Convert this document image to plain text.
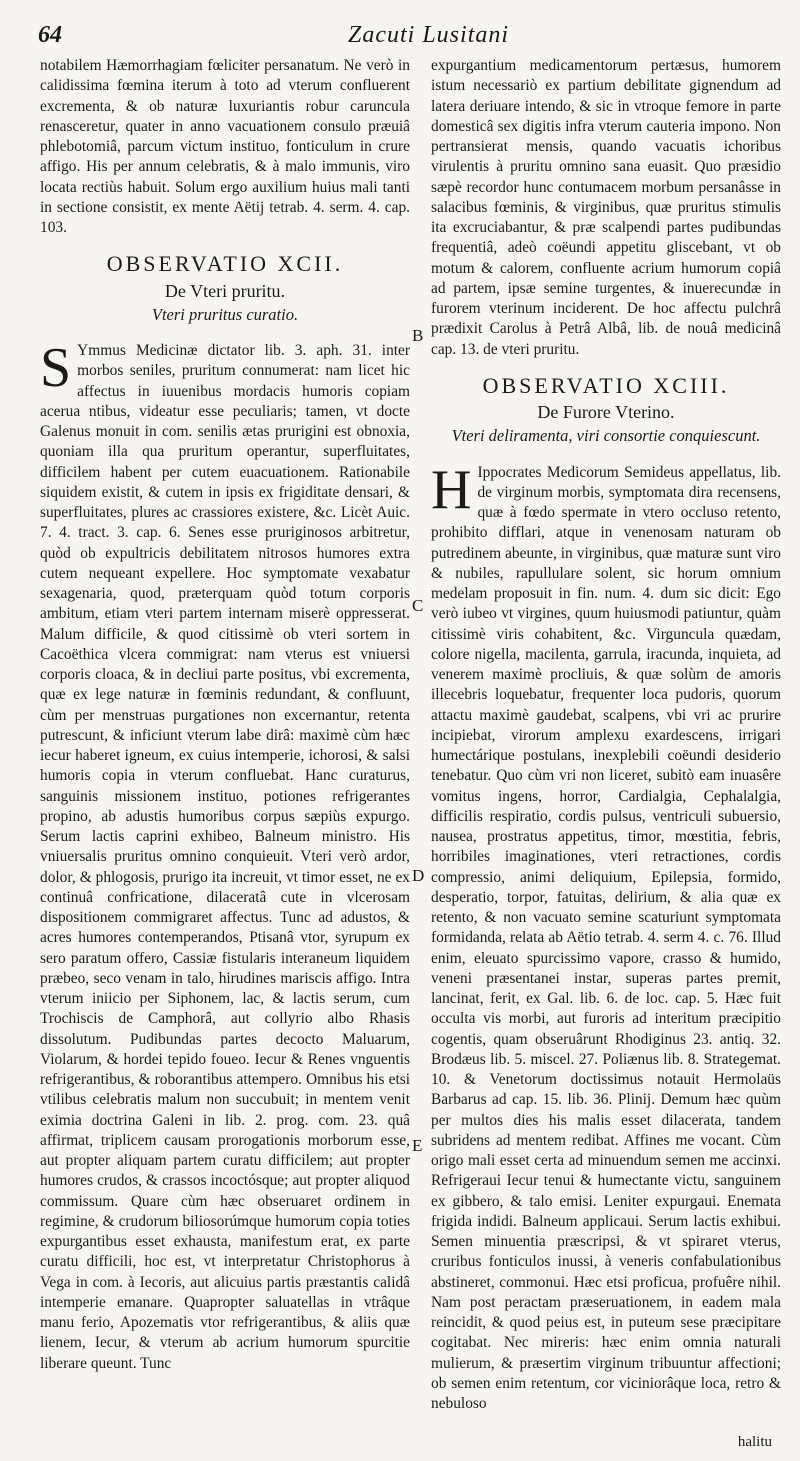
64	Zacuti Lusitani

notabilem Hæmorrhagiam fœliciter persanatum. Ne verò in calidissima fœmina iterum à toto ad vterum confluerent excrementa, & ob naturæ luxuriantis robur caruncula renasceretur, quater in anno vacuationem consulo præuiâ phlebotomiâ, parcum victum instituo, fonticulum in crure affigo. His per annum celebratis, & à malo immunis, viro locata rectiùs habuit. Solum ergo auxilium huius mali tanti in sectione consistit, ex mente Aëtij tetrab. 4. serm. 4. cap. 103.

OBSERVATIO XCII.
De Vteri pruritu.
Vteri pruritus curatio.

S Ymmus Medicinæ dictator lib. 3. aph. 31. inter morbos seniles, pruritum connumerat: nam licet hic affectus in iuuenibus mordacis humoris copiam acerua ntibus, videatur esse peculiaris; tamen, vt docte Galenus monuit in com. senilis ætas prurigini est obnoxia, quoniam illa qua pruritum operantur, superfluitates, difficilem habent per cutem euacuationem. Rationabile siquidem existit, & cutem in ipsis ex frigiditate densari, & superfluitates, plures ac crassiores existere, &c. Licèt Auic. 7. 4. tract. 3. cap. 6. Senes esse pruriginosos arbitretur, quòd ob expultricis debilitatem nitrosos humores extra cutem nequeant expellere. Hoc symptomate vexabatur sexagenaria, quod, præterquam quòd totum corporis ambitum, etiam vteri partem internam miserè oppresserat. Malum difficile, & quod citissimè ob vteri sortem in Cacoëthica vlcera commigrat: nam vterus est vniuersi corporis cloaca, & in decliui parte positus, vbi excrementa, quæ ex lege naturæ in fœminis redundant, & confluunt, cùm per menstruas purgationes non excernantur, retenta putrescunt, & inficiunt vterum labe dirâ: maximè cùm hæc iecur haberet igneum, ex cuius intemperie, ichorosi, & salsi humoris copia in vterum confluebat. Hanc curaturus, sanguinis missionem instituo, potiones refrigerantes propino, ab adustis humoribus corpus sæpiùs expurgo. Serum lactis caprini exhibeo, Balneum ministro. His vniuersalis pruritus omnino conquieuit. Vteri verò ardor, dolor, & phlogosis, prurigo ita increuit, vt timor esset, ne ex continuâ confricatione, dilaceratâ cute in vlcerosam dispositionem commigraret affectus. Tunc ad adustos, & acres humores contemperandos, Ptisanâ vtor, syrupum ex sero paratum offero, Cassiæ fistularis interaneum liquidem præbeo, seco venam in talo, hirudines mariscis affigo. Intra vterum iniicio per Siphonem, lac, & lactis serum, cum Trochiscis de Camphorâ, aut collyrio albo Rhasis dissolutum. Pudibundas partes decocto Maluarum, Violarum, & hordei tepido foueo. Iecur & Renes vnguentis refrigerantibus, & roborantibus attempero. Omnibus his etsi vtilibus celebratis malum non succubuit; in mentem venit eximia doctrina Galeni in lib. 2. prog. com. 23. quâ affirmat, triplicem causam prorogationis morborum esse, aut propter aliquam partem curatu difficilem; aut propter humores crudos, & crassos incoctósque; aut propter aliquod commissum. Quare cùm hæc obseruaret ordinem in regimine, & crudorum biliosorúmque humorum copia toties expurgantibus esset exhausta, manifestum erat, ex parte curatu difficili, hoc est, vt interpretatur Christophorus à Vega in com. à Iecoris, aut alicuius partis præstantis calidâ intemperie emanare. Quapropter saluatellas in vtrâque manu ferio, Apozematis vtor refrigerantibus, & aliis quæ lienem, Iecur, & vterum ab acrium humorum spurcitie liberare queunt. Tunc

expurgantium medicamentorum pertæsus, humorem istum necessariò ex partium debilitate gignendum ad latera deriuare intendo, & sic in vtroque femore in parte domesticâ sex digitis infra vterum cauteria impono. Non pertransierat mensis, quando vacuatis ichoribus virulentis à pruritu omnino sana euasit. Quo præsidio sæpè recordor hunc contumacem morbum persanâsse in salacibus fœminis, & virginibus, quæ pruritus stimulis ita excruciabantur, & præ scalpendi partes pudibundas frequentiâ, adeò coëundi appetitu gliscebant, vt ob motum & calorem, confluente acrium humorum copiâ ad partem, ipsæ semine turgentes, & inuerecundæ in furorem vterinum inciderent. De hoc affectu pulchrâ prædixit Carolus à Petrâ Albâ, lib. de nouâ medicinâ cap. 13. de vteri pruritu.

OBSERVATIO XCIII.
De Furore Vterino.
Vteri deliramenta, viri consortie conquiescunt.

H Ippocrates Medicorum Semideus appellatus, lib. de virginum morbis, symptomata dira recensens, quæ à fœdo spermate in vtero occluso retento, prohibito difflari, atque in venenosam naturam ob putredinem abeunte, in virginibus, quæ maturæ sunt viro & nubiles, rapullulare solent, sic horum omnium medelam proposuit in fin. num. 4. dum sic dicit: Ego verò iubeo vt virgines, quum huiusmodi patiuntur, quàm citissimè viris cohabitent, &c. Virguncula quædam, colore nigella, macilenta, garrula, iracunda, inquieta, ad venerem maximè procliuis, & quæ solùm de amoris illecebris loquebatur, frequenter loca pudoris, quorum attactu maximè gaudebat, scalpens, vbi vri ac prurire incipiebat, virorum amplexu exardescens, irrigari humectárique postulans, inexplebili coëundi desiderio tenebatur. Quo cùm vri non liceret, subitò eam inuasêre vomitus ingens, horror, Cardialgia, Cephalalgia, difficilis respiratio, cordis pulsus, ventriculi subuersio, nausea, prostratus appetitus, timor, mœstitia, febris, horribiles imaginationes, vteri retractiones, cordis compressio, animi deliquium, Epilepsia, formido, desperatio, torpor, fatuitas, delirium, & alia quæ ex retento, & non vacuato semine scaturiunt symptomata formidanda, relata ab Aëtio tetrab. 4. serm 4. c. 76. Illud enim, eleuato spurcissimo vapore, crasso & humido, veneni præsentanei instar, superas partes premit, lancinat, ferit, ex Gal. lib. 6. de loc. cap. 5. Hæc fuit occulta vis morbi, aut furoris ad interitum præcipitio cogentis, quam obseruârunt Rhodiginus 23. antiq. 32. Brodæus lib. 5. miscel. 27. Poliænus lib. 8. Strategemat. 10. & Venetorum doctissimus notauit Hermolaüs Barbarus ad cap. 15. lib. 36. Plinij. Demum hæc quùm per multos dies his malis esset dilacerata, tandem subridens ad mentem redibat. Affines me vocant. Cùm origo mali esset certa ad minuendum semen me accinxi. Refrigeraui Iecur tenui & humectante victu, sanguinem ex gibbero, & talo emisi. Leniter expurgaui. Enemata frigida indidi. Balneum applicaui. Serum lactis exhibui. Semen minuentia præscripsi, & vt spiraret vterus, cruribus fonticulos inussi, à veneris confabulationibus abstineret, commonui. Hæc etsi proficua, profuêre nihil. Nam post peractam præseruationem, in eadem mala reincidit, & quod peius est, in puteum sese præcipitare cogitabat. Nec mireris: hæc enim omnia naturali mulierum, & præsertim virginum tribuuntur affectioni; ob semen enim retentum, cor viciniorâque loca, retro & nebuloso

B
C
D
E
halitu
